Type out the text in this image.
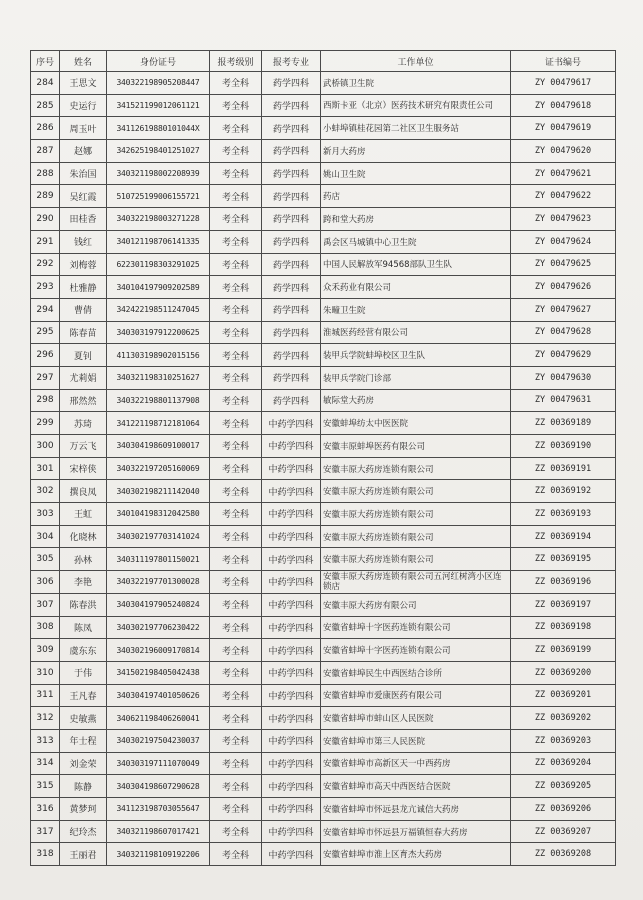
序号	姓名	身份证号	报考级别	报考专业	工作单位	证书编号
284	王思文	340322198905208447	考全科	药学四科	武桥镇卫生院	ZY 00479617
285	史运行	341521199012061121	考全科	药学四科	西斯卡亚（北京）医药技术研究有限责任公司	ZY 00479618
286	周玉叶	34112619880101044X	考全科	药学四科	小蚌埠镇桂花园第二社区卫生服务站	ZY 00479619
287	赵娜	342625198401251027	考全科	药学四科	新月大药房	ZY 00479620
288	朱治国	340321198002208939	考全科	药学四科	姚山卫生院	ZY 00479621
289	吴红霞	510725199006155721	考全科	药学四科	药店	ZY 00479622
290	田桂香	340322198003271228	考全科	药学四科	跨和堂大药房	ZY 00479623
291	钱红	340121198706141335	考全科	药学四科	禹会区马城镇中心卫生院	ZY 00479624
292	刘梅蓉	622301198303291025	考全科	药学四科	中国人民解放军94568部队卫生队	ZY 00479625
293	杜雅静	340104197909202589	考全科	药学四科	众禾药业有限公司	ZY 00479626
294	曹倩	342422198511247045	考全科	药学四科	朱疃卫生院	ZY 00479627
295	陈春苗	340303197912200625	考全科	药学四科	淮城医药经营有限公司	ZY 00479628
296	夏钊	411303198902015156	考全科	药学四科	装甲兵学院蚌埠校区卫生队	ZY 00479629
297	尤莉娟	340321198310251627	考全科	药学四科	装甲兵学院门诊部	ZY 00479630
298	邢然然	340322198801137908	考全科	药学四科	敏际堂大药房	ZY 00479631
299	苏琦	341221198712181064	考全科	中药学四科	安徽蚌埠纺太中医医院	ZZ 00369189
300	万云飞	340304198609100017	考全科	中药学四科	安徽丰原蚌埠医药有限公司	ZZ 00369190
301	宋梓侠	340322197205160069	考全科	中药学四科	安徽丰原大药房连锁有限公司	ZZ 00369191
302	撰良凤	340302198211142040	考全科	中药学四科	安徽丰原大药房连锁有限公司	ZZ 00369192
303	王虹	340104198312042580	考全科	中药学四科	安徽丰原大药房连锁有限公司	ZZ 00369193
304	化晓林	340302197703141024	考全科	中药学四科	安徽丰原大药房连锁有限公司	ZZ 00369194
305	孙林	340311197801150021	考全科	中药学四科	安徽丰原大药房连锁有限公司	ZZ 00369195
306	李艳	340322197701300028	考全科	中药学四科	安徽丰原大药房连锁有限公司五河红树湾小区连锁店	ZZ 00369196
307	陈春洪	340304197905240824	考全科	中药学四科	安徽丰原大药房有限公司	ZZ 00369197
308	陈凤	340302197706230422	考全科	中药学四科	安徽省蚌埠十字医药连锁有限公司	ZZ 00369198
309	虞东东	340302196009170814	考全科	中药学四科	安徽省蚌埠十字医药连锁有限公司	ZZ 00369199
310	于伟	341502198405042438	考全科	中药学四科	安徽省蚌埠民生中西医结合诊所	ZZ 00369200
311	王凡春	340304197401050626	考全科	中药学四科	安徽省蚌埠市爱康医药有限公司	ZZ 00369201
312	史敏燕	340621198406260041	考全科	中药学四科	安徽省蚌埠市蚌山区人民医院	ZZ 00369202
313	年士程	340302197504230037	考全科	中药学四科	安徽省蚌埠市第三人民医院	ZZ 00369203
314	刘金荣	340303197111070049	考全科	中药学四科	安徽省蚌埠市高新区天一中西药房	ZZ 00369204
315	陈静	340304198607290628	考全科	中药学四科	安徽省蚌埠市高天中西医结合医院	ZZ 00369205
316	黄梦珂	341123198703055647	考全科	中药学四科	安徽省蚌埠市怀远县龙亢诚信大药房	ZZ 00369206
317	纪玲杰	340321198607017421	考全科	中药学四科	安徽省蚌埠市怀远县万福镇恒春大药房	ZZ 00369207
318	王丽君	340321198109192206	考全科	中药学四科	安徽省蚌埠市淮上区育杰大药房	ZZ 00369208
